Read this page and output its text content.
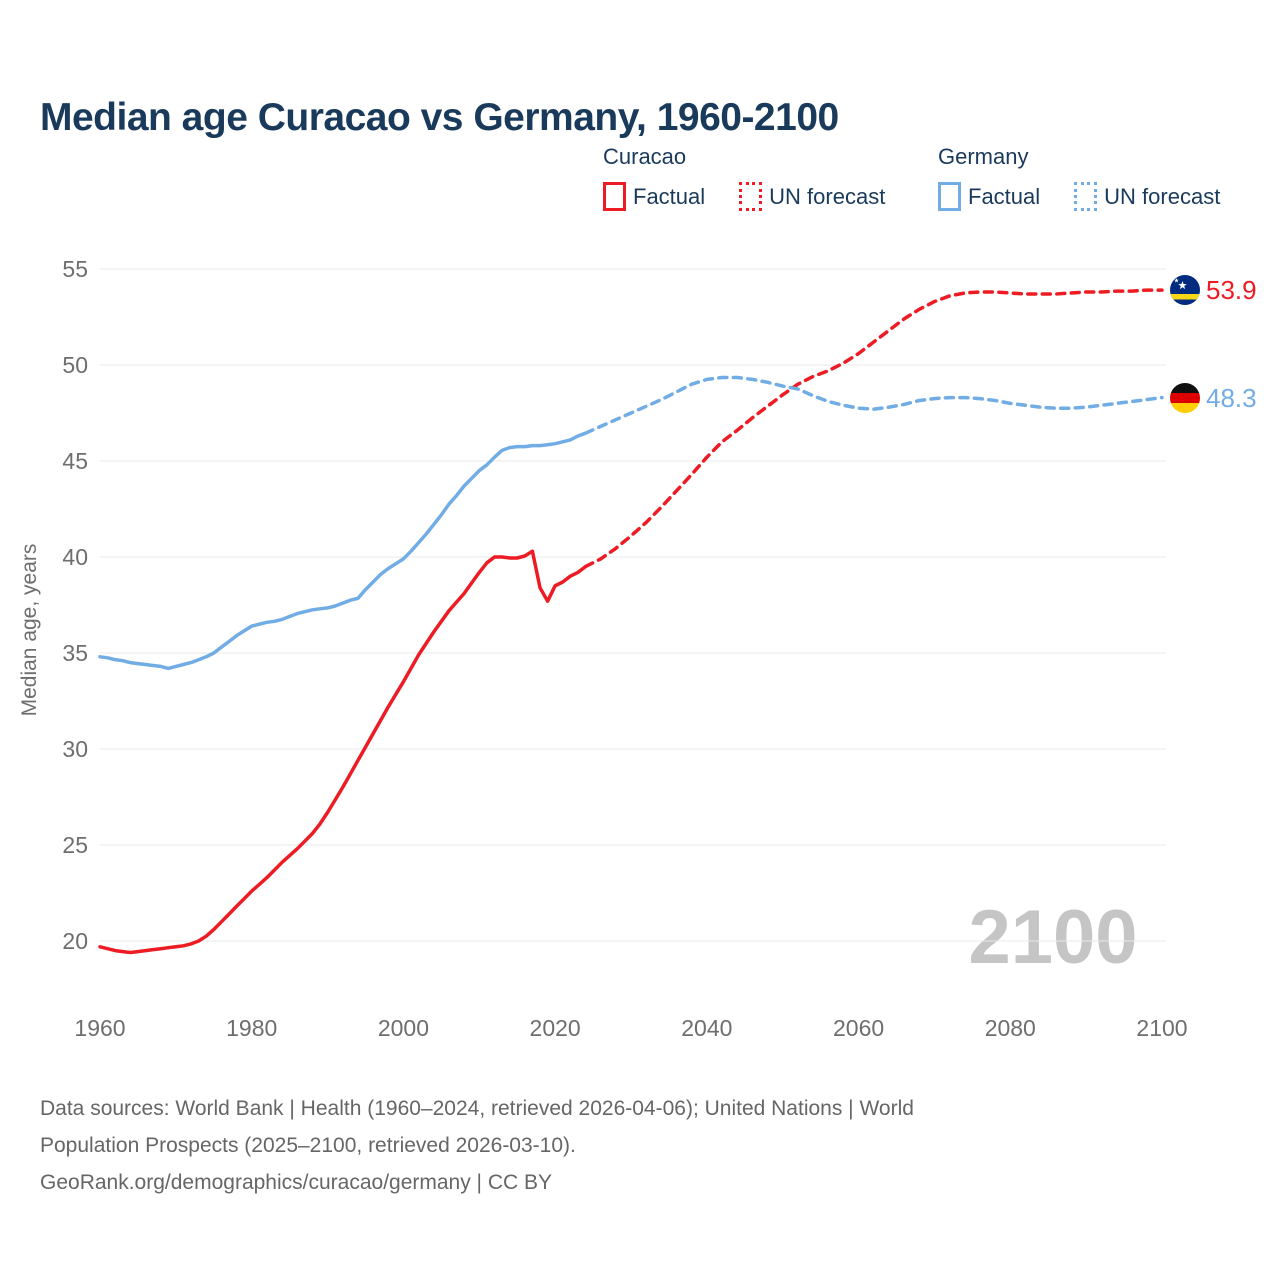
2100
20
25
30
35
40
45
50
55
1960	1980	2000	2020	2040	2060	2080	2100
Median age, years
53.9
48.3
Median age Curacao vs Germany, 1960-2100
Curacao
Factual	UN forecast
Germany
Factual	UN forecast
Data sources: World Bank | Health (1960–2024, retrieved 2026-04-06); United Nations | World
Population Prospects (2025–2100, retrieved 2026-03-10).
GeoRank.org/demographics/curacao/germany | CC BY
